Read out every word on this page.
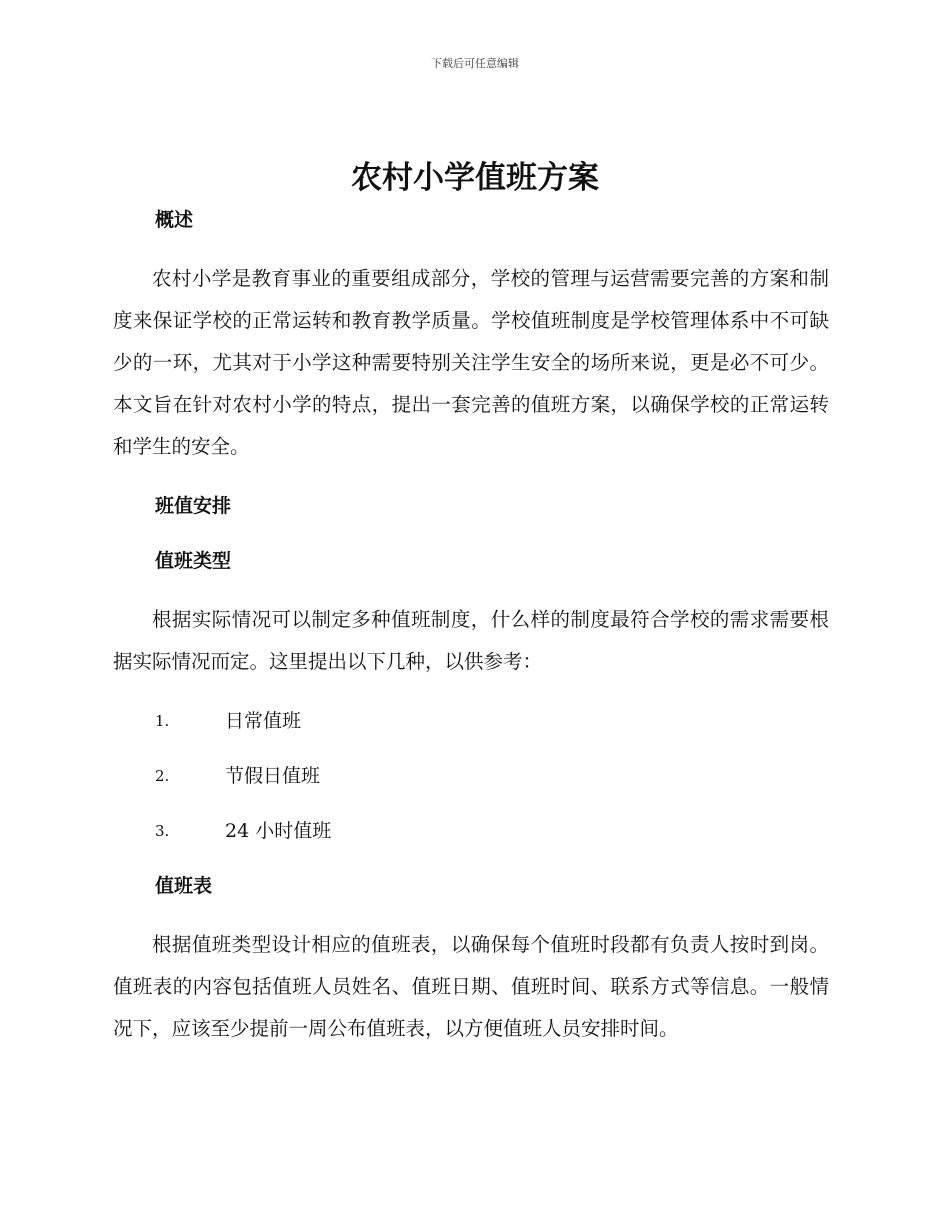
下载后可任意编辑
农村小学值班方案
概述

农村小学是教育事业的重要组成部分，学校的管理与运营需要完善的方案和制度来保证学校的正常运转和教育教学质量。学校值班制度是学校管理体系中不可缺少的一环，尤其对于小学这种需要特别关注学生安全的场所来说，更是必不可少。本文旨在针对农村小学的特点，提出一套完善的值班方案，以确保学校的正常运转和学生的安全。

班值安排
值班类型

根据实际情况可以制定多种值班制度，什么样的制度最符合学校的需求需要根据实际情况而定。这里提出以下几种，以供参考：

1.	日常值班
2.	节假日值班
3.	24 小时值班
值班表

根据值班类型设计相应的值班表，以确保每个值班时段都有负责人按时到岗。值班表的内容包括值班人员姓名、值班日期、值班时间、联系方式等信息。一般情况下，应该至少提前一周公布值班表，以方便值班人员安排时间。
